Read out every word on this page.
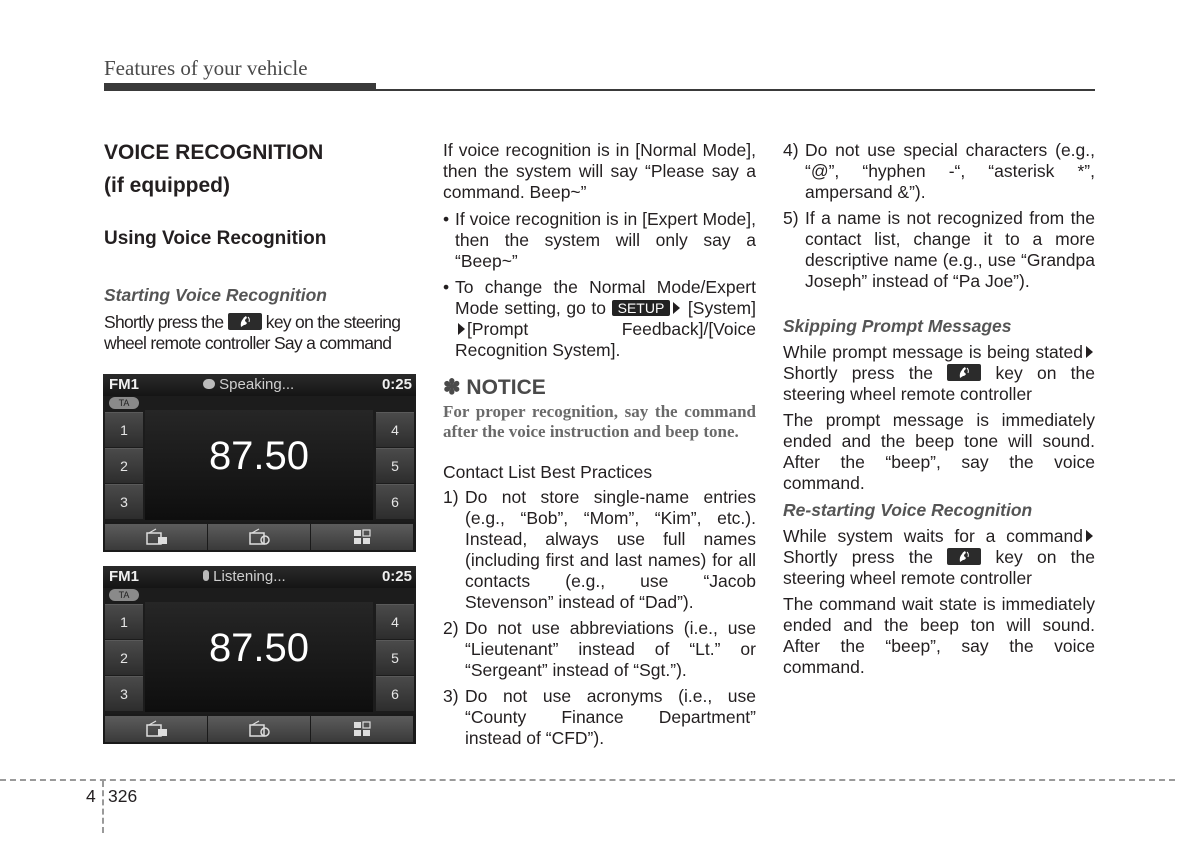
Features of your vehicle
VOICE RECOGNITION
(if equipped)
Using Voice Recognition
Starting Voice Recognition
Shortly press the key on the steering wheel remote controller Say a command
FM1	Speaking...	0:25
TA
87.50
1
2
3
4
5
6
FM1	Listening...	0:25
TA
87.50
1
2
3
4
5
6
If voice recognition is in [Normal Mode], then the system will say “Please say a command. Beep~”
• If voice recognition is in [Expert Mode], then the system will only say a “Beep~”
• To change the Normal Mode/Expert Mode setting, go to SETUP [System][Prompt Feedback]/[Voice Recognition System].
✽ NOTICE
For proper recognition, say the command after the voice instruction and beep tone.
Contact List Best Practices
1) Do not store single-name entries (e.g., “Bob”, “Mom”, “Kim”, etc.). Instead, always use full names (including first and last names) for all contacts (e.g., use “Jacob Stevenson” instead of “Dad”).
2) Do not use abbreviations (i.e., use “Lieutenant” instead of “Lt.” or “Sergeant” instead of “Sgt.”).
3) Do not use acronyms (i.e., use “County Finance Department” instead of “CFD”).
4) Do not use special characters (e.g., “@”, “hyphen -“, “asterisk *”, ampersand &”).
5) If a name is not recognized from the contact list, change it to a more descriptive name (e.g., use “Grandpa Joseph” instead of “Pa Joe”).
Skipping Prompt Messages
While prompt message is being statedShortly press the	key on the steering wheel remote controller
The prompt message is immediately ended and the beep tone will sound. After the “beep”, say the voice command.
Re-starting Voice Recognition
While system waits for a command Shortly press the	key on the steering wheel remote controller
The command wait state is immediately ended and the beep ton will sound. After the “beep”, say the voice command.
4 326
